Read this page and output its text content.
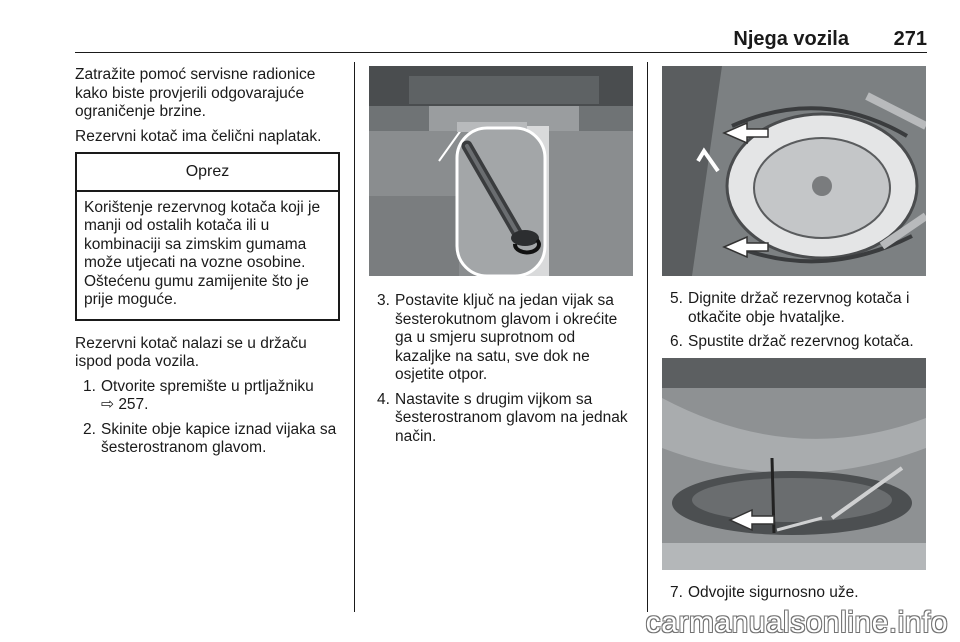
Njega vozila 271

Zatražite pomoć servisne radionice kako biste provjerili odgovarajuće ograničenje brzine.

Rezervni kotač ima čelični naplatak.

Oprez
Korištenje rezervnog kotača koji je manji od ostalih kotača ili u kombinaciji sa zimskim gumama može utjecati na vozne osobine. Oštećenu gumu zamijenite što je prije moguće.

Rezervni kotač nalazi se u držaču ispod poda vozila.

1. Otvorite spremište u prtljažniku
⇨ 257.
2. Skinite obje kapice iznad vijaka sa šesterostranom glavom.
3. Postavite ključ na jedan vijak sa šesterokutnom glavom i okrećite ga u smjeru suprotnom od kazaljke na satu, sve dok ne osjetite otpor.
4. Nastavite s drugim vijkom sa šesterostranom glavom na jednak način.
5. Dignite držač rezervnog kotača i otkačite obje hvataljke.
6. Spustite držač rezervnog kotača.
7. Odvojite sigurnosno uže.
carmanualsonline.info
